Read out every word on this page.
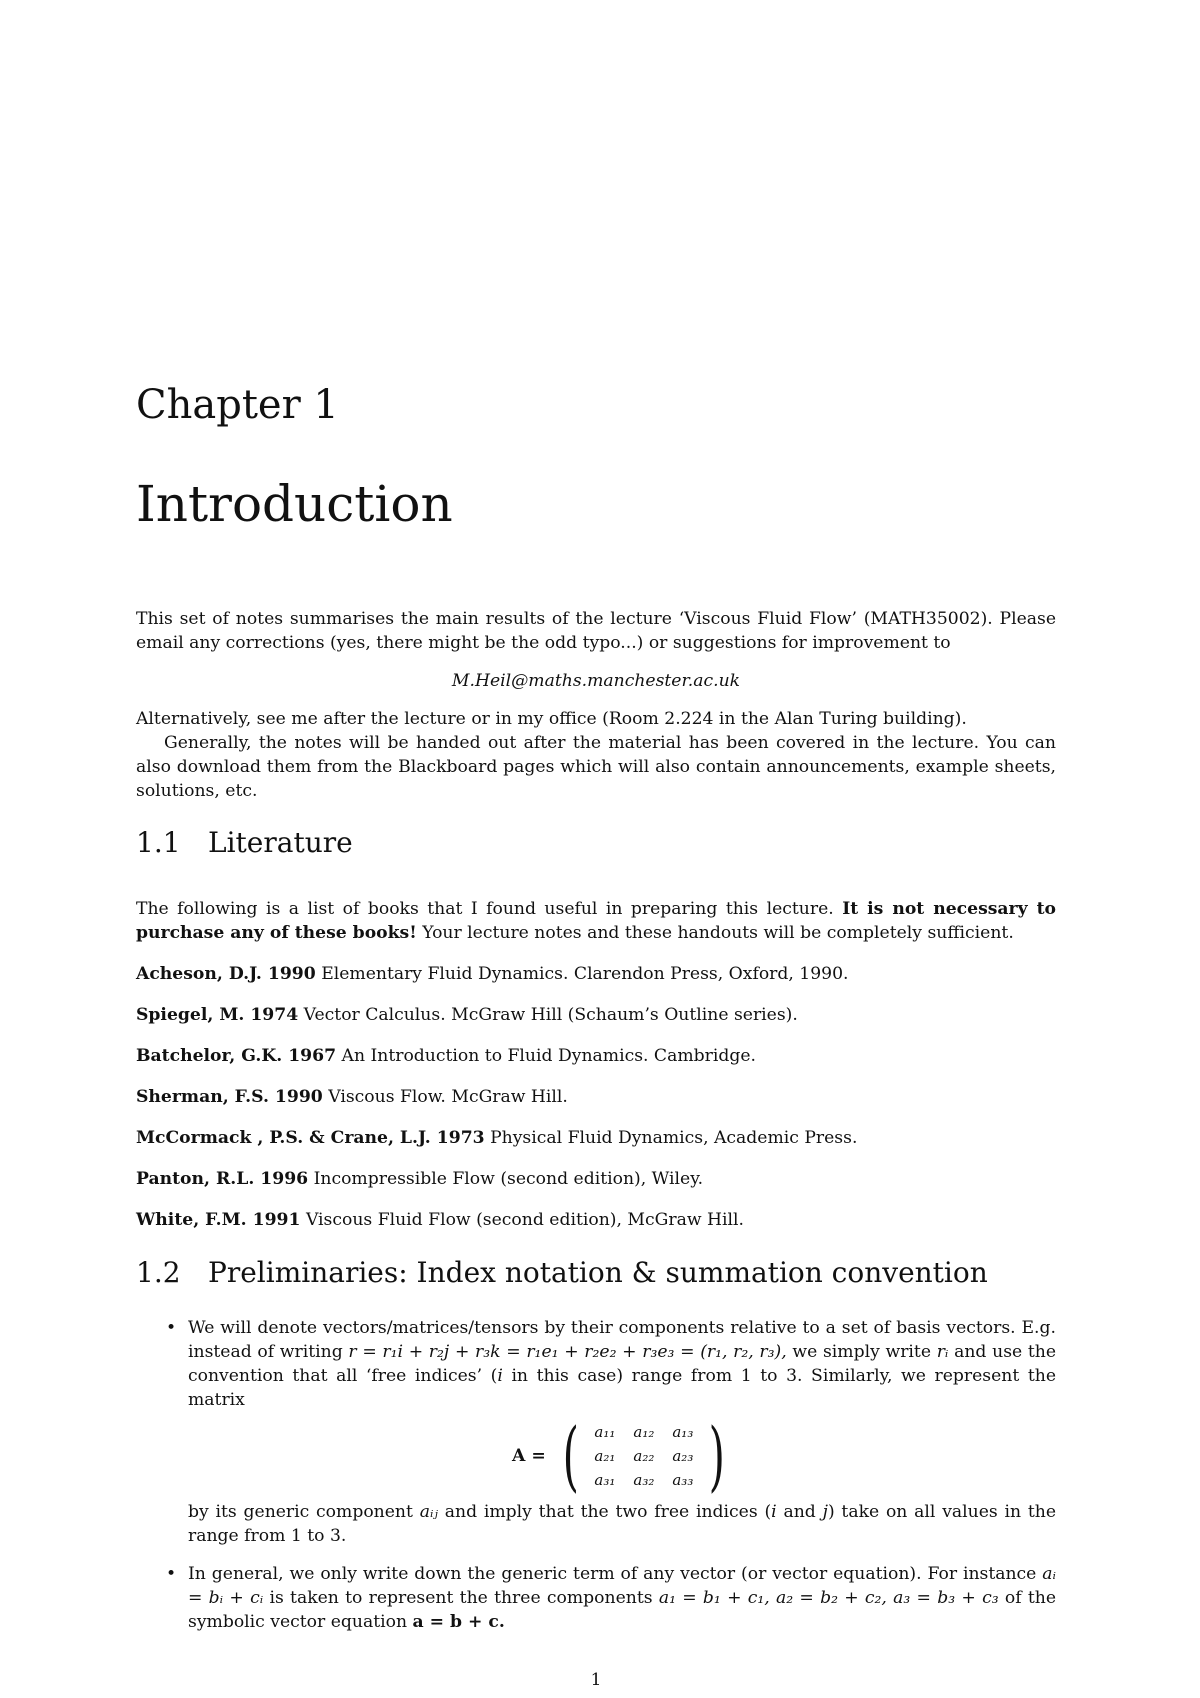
Chapter 1
Introduction

This set of notes summarises the main results of the lecture ‘Viscous Fluid Flow’ (MATH35002). Please email any corrections (yes, there might be the odd typo...) or suggestions for improvement to

M.Heil@maths.manchester.ac.uk

Alternatively, see me after the lecture or in my office (Room 2.224 in the Alan Turing building).

Generally, the notes will be handed out after the material has been covered in the lecture. You can also download them from the Blackboard pages which will also contain announcements, example sheets, solutions, etc.

1.1 Literature

The following is a list of books that I found useful in preparing this lecture. It is not necessary to purchase any of these books! Your lecture notes and these handouts will be completely sufficient.

Acheson, D.J. 1990 Elementary Fluid Dynamics. Clarendon Press, Oxford, 1990.

Spiegel, M. 1974 Vector Calculus. McGraw Hill (Schaum’s Outline series).

Batchelor, G.K. 1967 An Introduction to Fluid Dynamics. Cambridge.

Sherman, F.S. 1990 Viscous Flow. McGraw Hill.

McCormack , P.S. & Crane, L.J. 1973 Physical Fluid Dynamics, Academic Press.

Panton, R.L. 1996 Incompressible Flow (second edition), Wiley.

White, F.M. 1991 Viscous Fluid Flow (second edition), McGraw Hill.

1.2 Preliminaries: Index notation & summation convention
• We will denote vectors/matrices/tensors by their components relative to a set of basis vectors. E.g. instead of writing r = r₁i + r₂j + r₃k = r₁e₁ + r₂e₂ + r₃e₃ = (r₁, r₂, r₃), we simply write rᵢ and use the convention that all ‘free indices’ (i in this case) range from 1 to 3. Similarly, we represent the matrix

A = ( a₁₁	a₁₂	a₁₃
a₂₁	a₂₂	a₂₃
a₃₁	a₃₂	a₃₃ )

by its generic component aᵢⱼ and imply that the two free indices (i and j) take on all values in the range from 1 to 3.

• In general, we only write down the generic term of any vector (or vector equation). For instance aᵢ = bᵢ + cᵢ is taken to represent the three components a₁ = b₁ + c₁, a₂ = b₂ + c₂, a₃ = b₃ + c₃ of the symbolic vector equation a = b + c.

1
